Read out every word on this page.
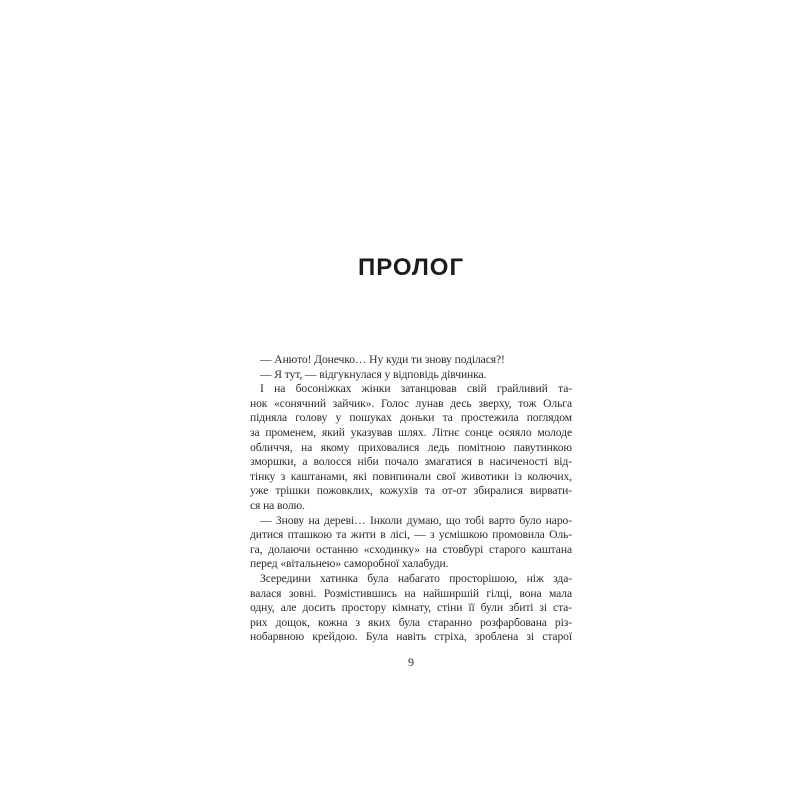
ПРОЛОГ
— Анюто! Донечко… Ну куди ти знову поділася?!
— Я тут, — відгукнулася у відповідь дівчинка.
І на босоніжках жінки затанцював свій грайливий та-
нок «сонячний зайчик». Голос лунав десь зверху, тож Ольга
підняла голову у пошуках доньки та простежила поглядом
за променем, який указував шлях. Літнє сонце осяяло молоде
обличчя, на якому приховалися ледь помітною павутинкою
зморшки, а волосся ніби почало змагатися в насиченості від-
тінку з каштанами, які повипинали свої животики із колючих,
уже трішки пожовклих, кожухів та от-от збиралися вирвати-
ся на волю.
— Знову на дереві… Інколи думаю, що тобі варто було наро-
дитися пташкою та жити в лісі, — з усмішкою промовила Оль-
га, долаючи останню «сходинку» на стовбурі старого каштана
перед «вітальнею» саморобної халабуди.
Зсередини хатинка була набагато просторішою, ніж зда-
валася зовні. Розмістившись на найширшій гілці, вона мала
одну, але досить простору кімнату, стіни її були збиті зі ста-
рих дощок, кожна з яких була старанно розфарбована різ-
нобарвною крейдою. Була навіть стріха, зроблена зі старої
9
